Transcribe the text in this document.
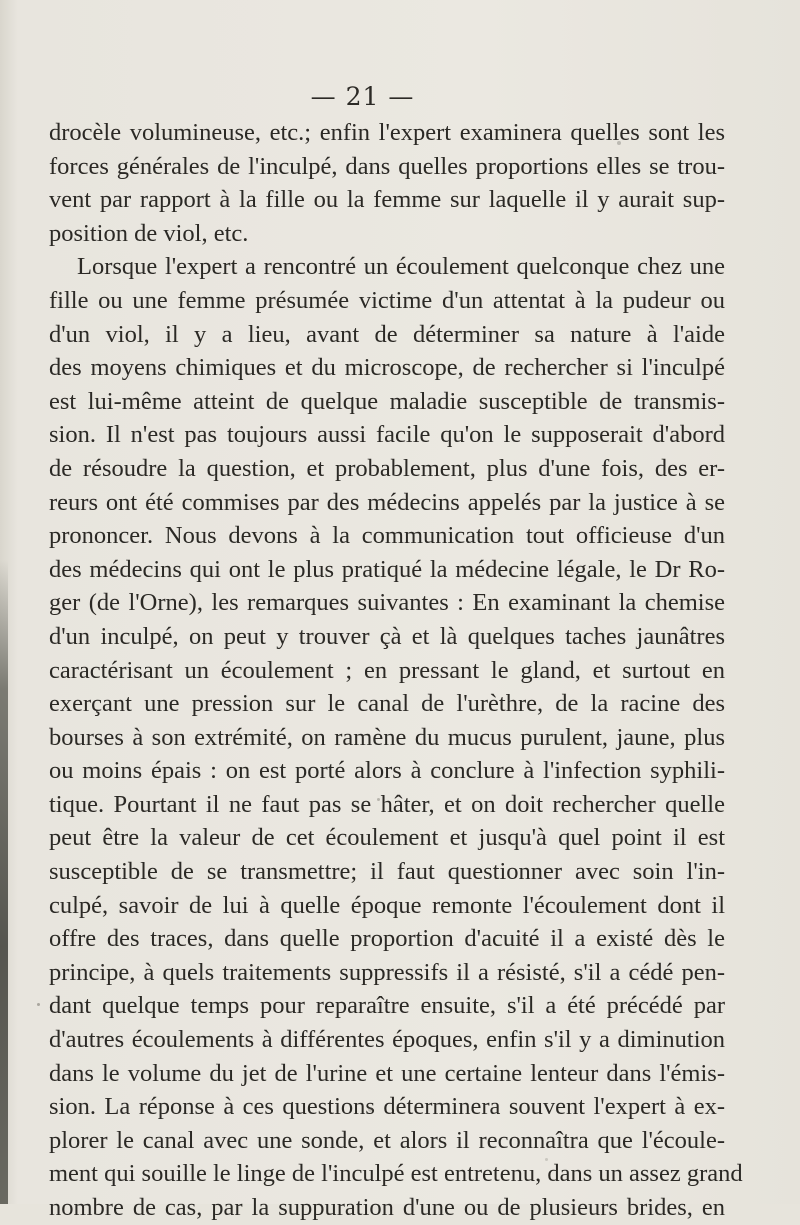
— 21 —
drocèle volumineuse, etc.; enfin l'expert examinera quelles sont les
forces générales de l'inculpé, dans quelles proportions elles se trou-
vent par rapport à la fille ou la femme sur laquelle il y aurait sup-
position de viol, etc.
Lorsque l'expert a rencontré un écoulement quelconque chez une
fille ou une femme présumée victime d'un attentat à la pudeur ou
d'un viol, il y a lieu, avant de déterminer sa nature à l'aide
des moyens chimiques et du microscope, de rechercher si l'inculpé
est lui-même atteint de quelque maladie susceptible de transmis-
sion. Il n'est pas toujours aussi facile qu'on le supposerait d'abord
de résoudre la question, et probablement, plus d'une fois, des er-
reurs ont été commises par des médecins appelés par la justice à se
prononcer. Nous devons à la communication tout officieuse d'un
des médecins qui ont le plus pratiqué la médecine légale, le Dr Ro-
ger (de l'Orne), les remarques suivantes : En examinant la chemise
d'un inculpé, on peut y trouver çà et là quelques taches jaunâtres
caractérisant un écoulement ; en pressant le gland, et surtout en
exerçant une pression sur le canal de l'urèthre, de la racine des
bourses à son extrémité, on ramène du mucus purulent, jaune, plus
ou moins épais : on est porté alors à conclure à l'infection syphili-
tique. Pourtant il ne faut pas se hâter, et on doit rechercher quelle
peut être la valeur de cet écoulement et jusqu'à quel point il est
susceptible de se transmettre; il faut questionner avec soin l'in-
culpé, savoir de lui à quelle époque remonte l'écoulement dont il
offre des traces, dans quelle proportion d'acuité il a existé dès le
principe, à quels traitements suppressifs il a résisté, s'il a cédé pen-
dant quelque temps pour reparaître ensuite, s'il a été précédé par
d'autres écoulements à différentes époques, enfin s'il y a diminution
dans le volume du jet de l'urine et une certaine lenteur dans l'émis-
sion. La réponse à ces questions déterminera souvent l'expert à ex-
plorer le canal avec une sonde, et alors il reconnaîtra que l'écoule-
ment qui souille le linge de l'inculpé est entretenu, dans un assez grand
nombre de cas, par la suppuration d'une ou de plusieurs brides, en
